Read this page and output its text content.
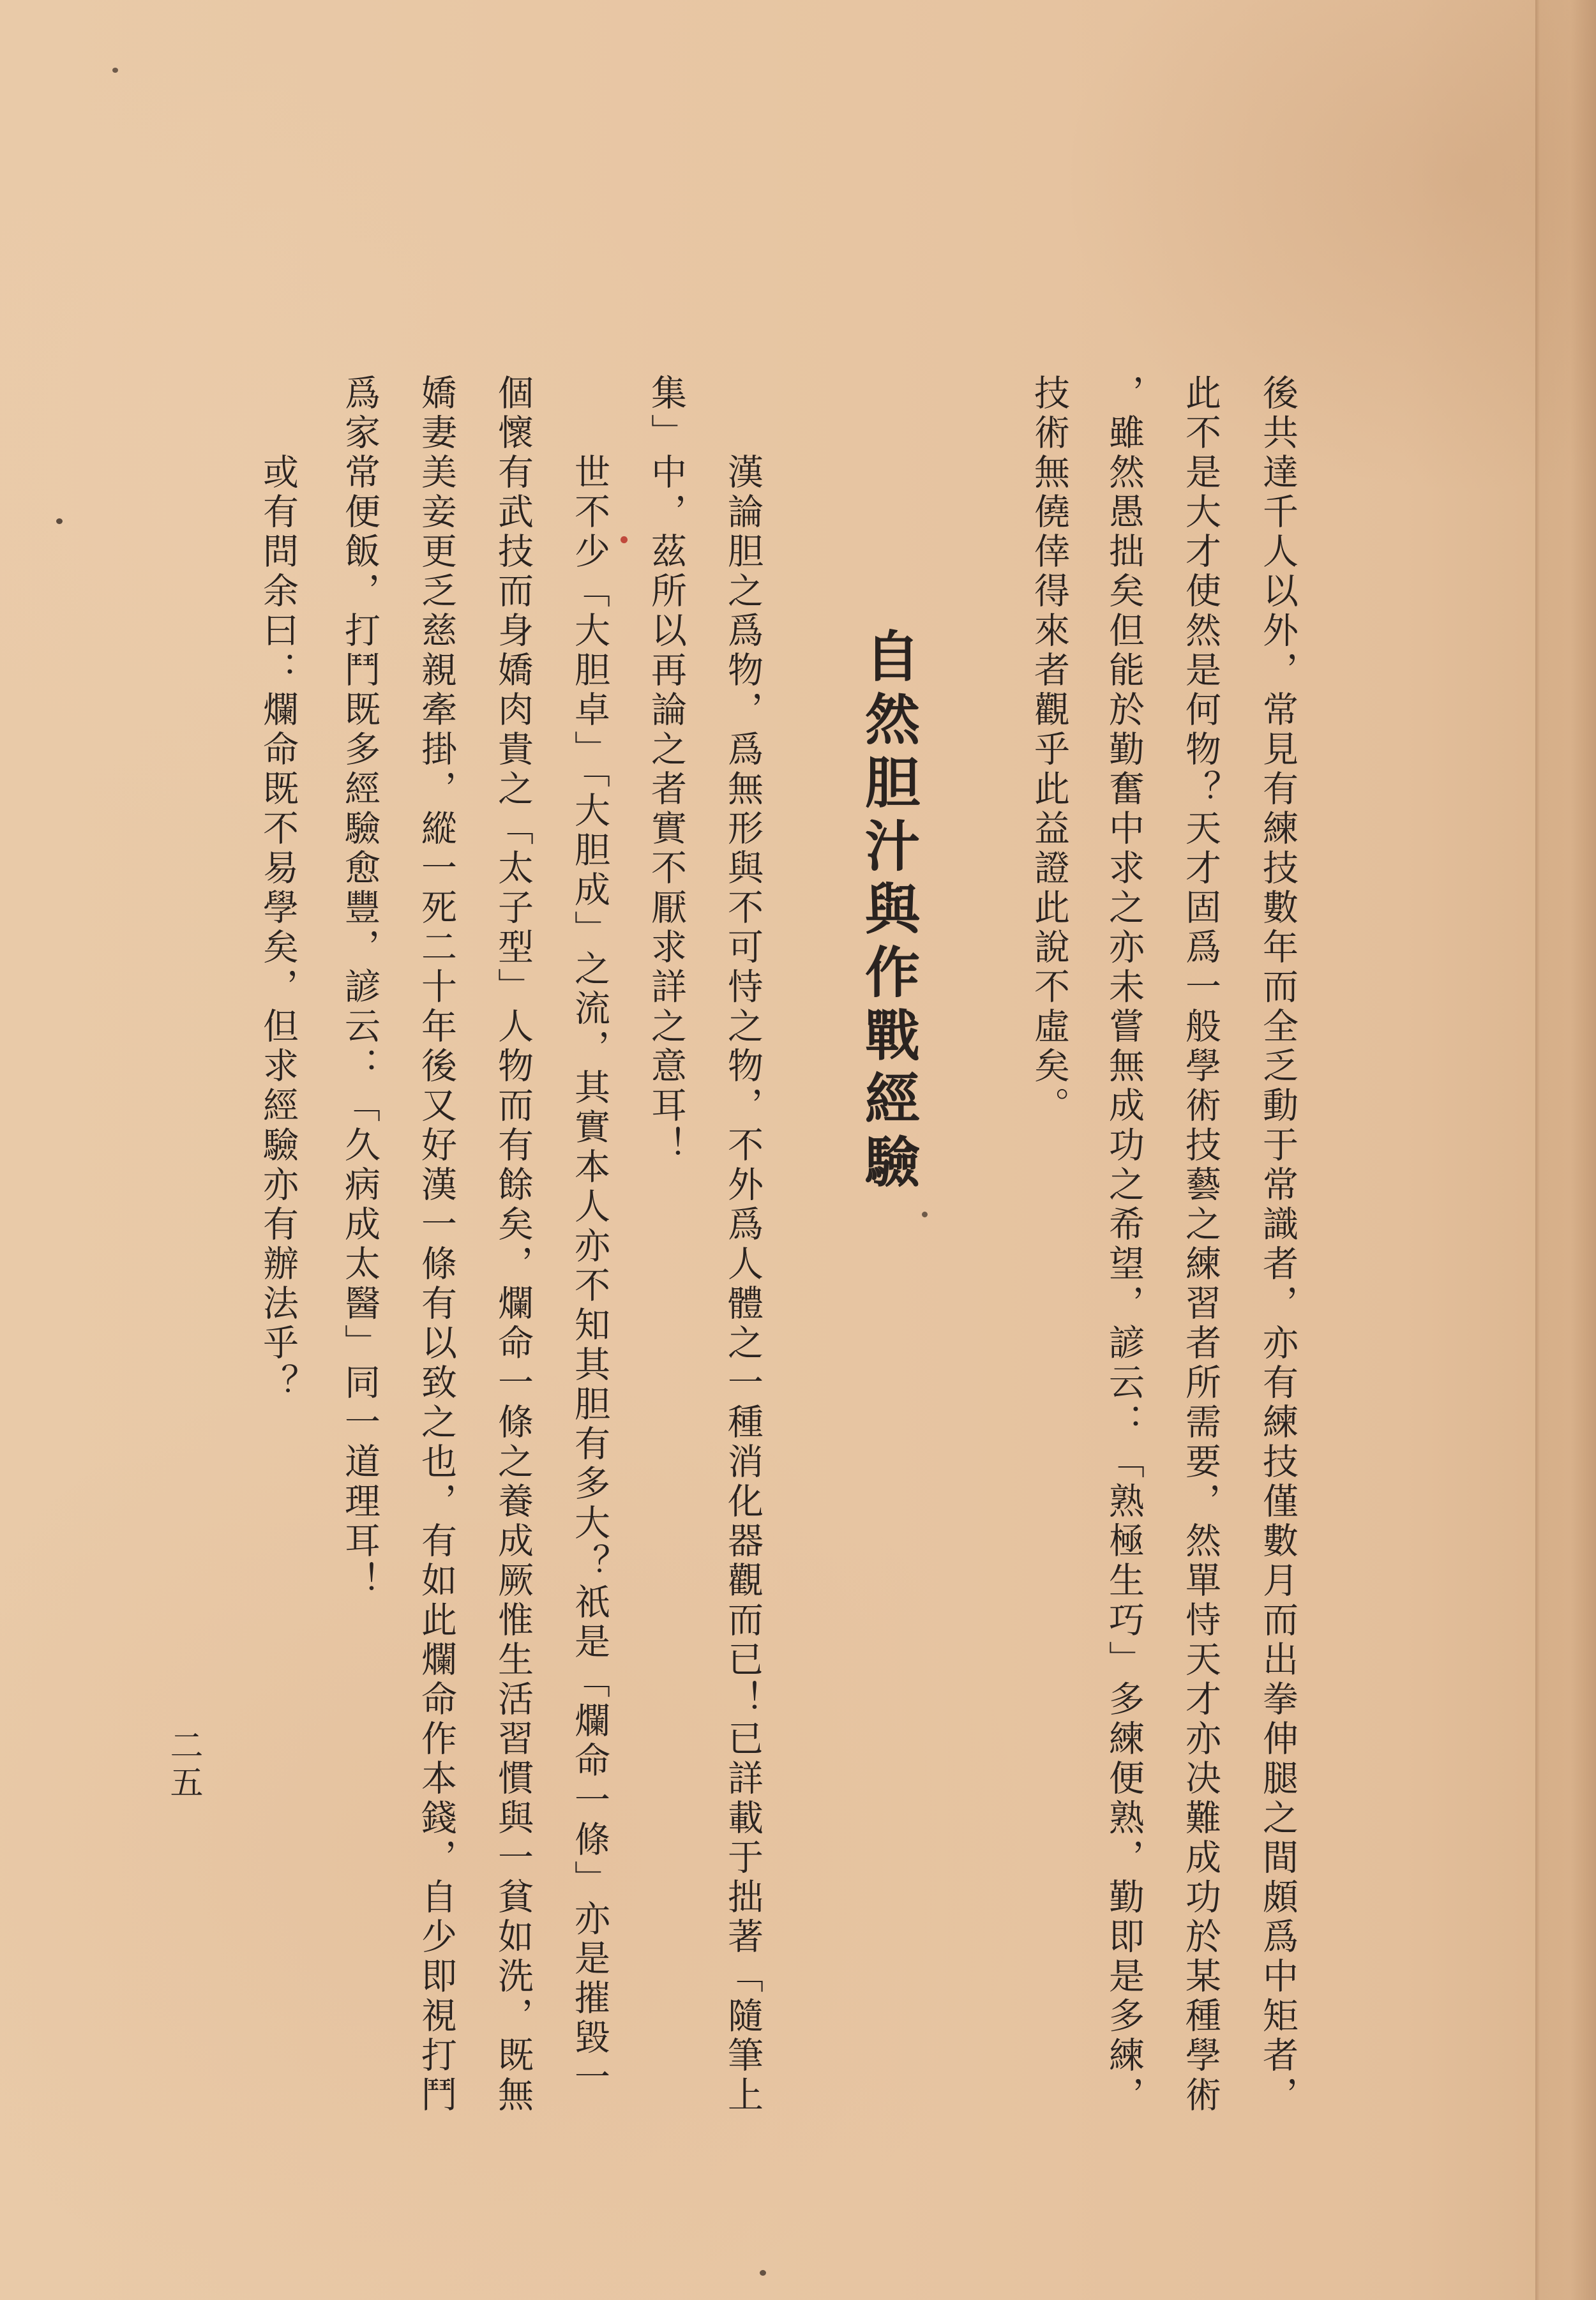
後共達千人以外，常見有練技數年而全乏動于常識者，亦有練技僅數月而出拳伸腿之間頗爲中矩者，
此不是大才使然是何物？天才固爲一般學術技藝之練習者所需要，然單恃天才亦决難成功於某種學術
，雖然愚拙矣但能於勤奮中求之亦未嘗無成功之希望，諺云：「熟極生巧」多練便熟，勤即是多練，
技術無僥倖得來者觀乎此益證此說不虛矣。
自然胆汁與作戰經驗
漢論胆之爲物，爲無形與不可恃之物，不外爲人體之一種消化器觀而已！已詳載于拙著「隨筆上
集」中，茲所以再論之者實不厭求詳之意耳！
世不少「大胆卓」「大胆成」之流，其實本人亦不知其胆有多大？祇是「爛命一條」亦是摧毀一
個懷有武技而身嬌肉貴之「太子型」人物而有餘矣，爛命一條之養成厥惟生活習慣與一貧如洗，既無
嬌妻美妾更乏慈親牽掛，縱一死二十年後又好漢一條有以致之也，有如此爛命作本錢，自少即視打鬥
爲家常便飯，打鬥既多經驗愈豐，諺云：「久病成太醫」同一道理耳！
或有問余曰：爛命既不易學矣，但求經驗亦有辦法乎？
二五
